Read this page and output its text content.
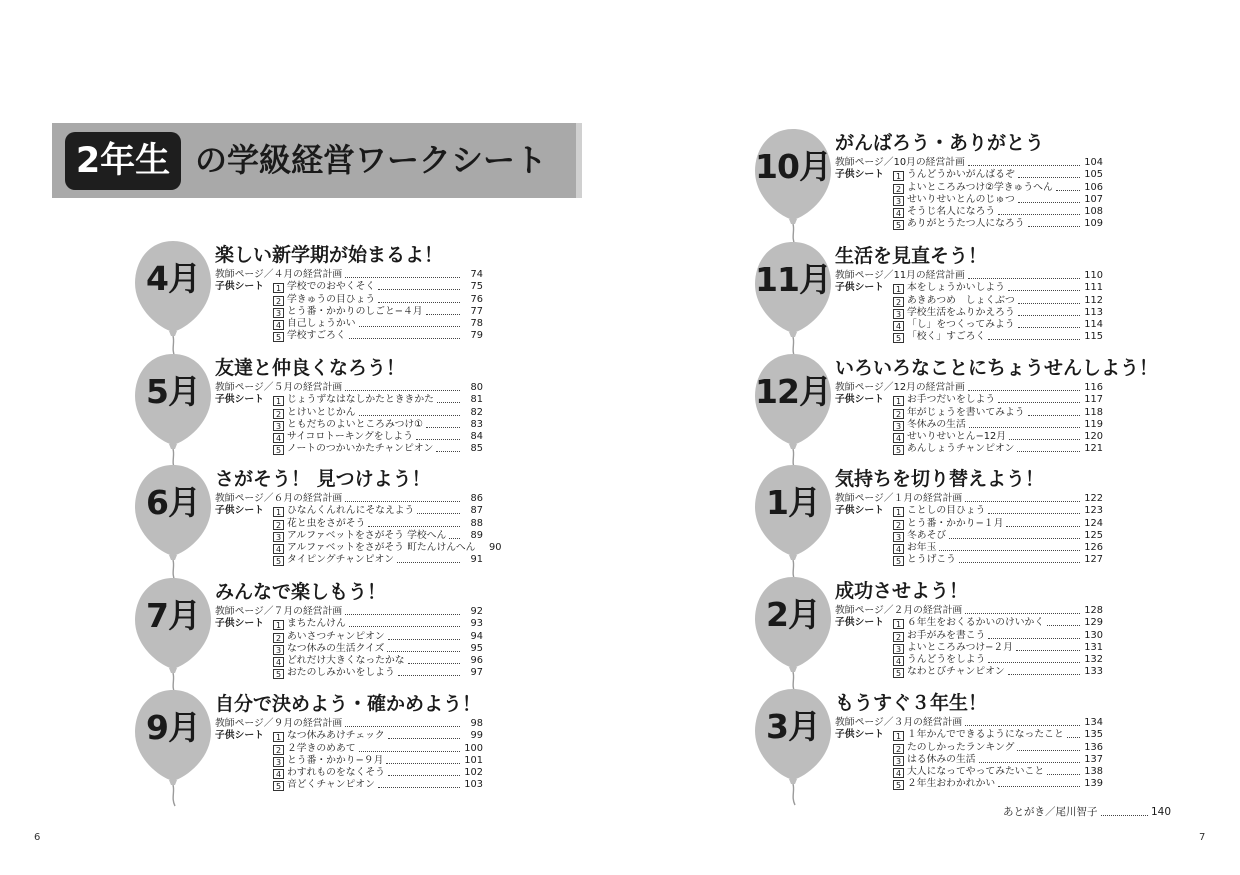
2年生 の学級経営ワークシート
4月
楽しい新学期が始まるよ！
教師ページ／ ４月の経営計画	74
子供シート	1 学校でのおやくそく	75
2 学きゅうの目ひょう	76
3 とう番・かかりのしごと−４月	77
4 自己しょうかい	78
5 学校すごろく	79
5月
友達と仲良くなろう！
教師ページ／ ５月の経営計画	80
子供シート	1 じょうずなはなしかたとききかた	81
2 とけいとじかん	82
3 ともだちのよいところみつけ①	83
4 サイコロトーキングをしよう	84
5 ノートのつかいかたチャンピオン	85
6月
さがそう！ 見つけよう！
教師ページ／ ６月の経営計画	86
子供シート	1 ひなんくんれんにそなえよう	87
2 花と虫をさがそう	88
3 アルファベットをさがそう 学校へん	89
4 アルファベットをさがそう 町たんけんへん	90
5 タイピングチャンピオン	91
7月
みんなで楽しもう！
教師ページ／ ７月の経営計画	92
子供シート	1 まちたんけん	93
2 あいさつチャンピオン	94
3 なつ休みの生活クイズ	95
4 どれだけ大きくなったかな	96
5 おたのしみかいをしよう	97
9月
自分で決めよう・確かめよう！
教師ページ／ ９月の経営計画	98
子供シート	1 なつ休みあけチェック	99
2 ２学きのめあて	100
3 とう番・かかり−９月	101
4 わすれものをなくそう	102
5 音どくチャンピオン	103
10月
がんばろう・ありがとう
教師ページ／ 10月の経営計画	104
子供シート	1 うんどうかいがんばるぞ	105
2 よいところみつけ②学きゅうへん	106
3 せいりせいとんのじゅつ	107
4 そうじ名人になろう	108
5 ありがとうたつ人になろう	109
11月
生活を見直そう！
教師ページ／ 11月の経営計画	110
子供シート	1 本をしょうかいしよう	111
2 あきあつめ　しょくぶつ	112
3 学校生活をふりかえろう	113
4 「し」をつくってみよう	114
5 「校く」すごろく	115
12月
いろいろなことにちょうせんしよう！
教師ページ／ 12月の経営計画	116
子供シート	1 お手つだいをしよう	117
2 年がじょうを書いてみよう	118
3 冬休みの生活	119
4 せいりせいとん−12月	120
5 あんしょうチャンピオン	121
1月
気持ちを切り替えよう！
教師ページ／ １月の経営計画	122
子供シート	1 ことしの目ひょう	123
2 とう番・かかり−１月	124
3 冬あそび	125
4 お年玉	126
5 とうげこう	127
2月
成功させよう！
教師ページ／ ２月の経営計画	128
子供シート	1 ６年生をおくるかいのけいかく	129
2 お手がみを書こう	130
3 よいところみつけ−２月	131
4 うんどうをしよう	132
5 なわとびチャンピオン	133
3月
もうすぐ３年生！
教師ページ／ ３月の経営計画	134
子供シート	1 １年かんでできるようになったこと 135
2 たのしかったランキング	136
3 はる休みの生活	137
4 大人になってやってみたいこと	138
5 ２年生おわかれかい	139
あとがき／尾川智子	140
6	7
